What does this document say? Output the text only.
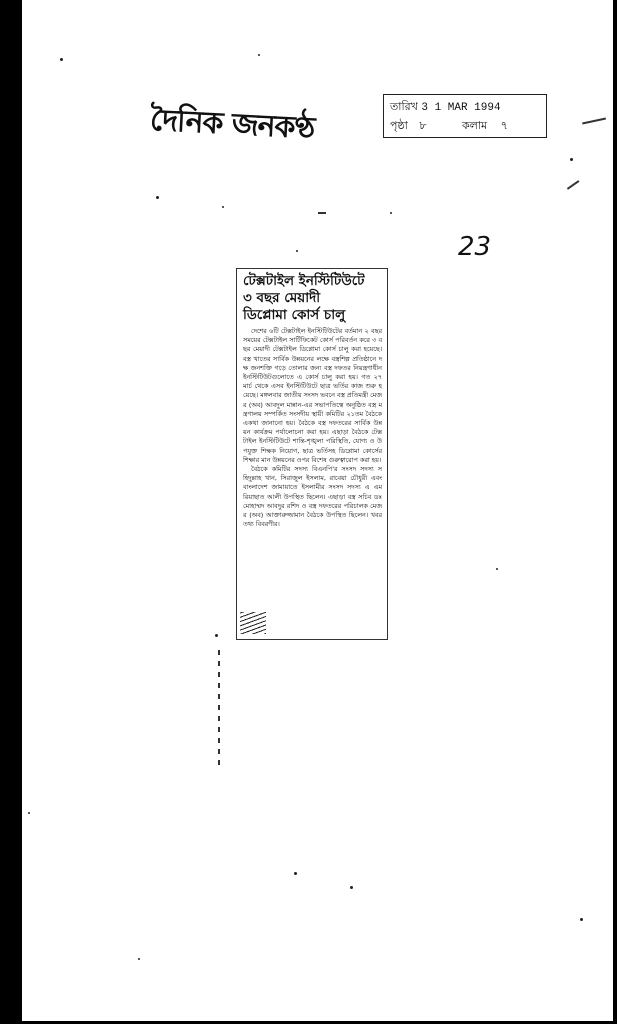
দৈনিক জনকণ্ঠ	তারিখ 3 1 MAR 1994
পৃষ্ঠা ৮	কলাম ৭
23
টেক্সটাইল ইনস্টিটিউটে
৩ বছর মেয়াদী
ডিপ্লোমা কোর্স চালু

দেশের ৬টি টেক্সটাইল ইনস্টিটিউটের বর্তমান ২ বছর সময়ের টেক্সটাইল সার্টিফিকেট কোর্স পরিবর্তন করে ৩ বছর মেয়াদী টেক্সটাইল ডিপ্লোমা কোর্স চালু করা হয়েছে। বস্ত্র খাতের সার্বিক উন্নয়নের লক্ষে বস্ত্রশিল্প প্রতিষ্ঠানে দক্ষ জনশক্তি গড়ে তোলার জন্য বস্ত্র দফতর নিয়ন্ত্রণাধীন ইনস্টিটিউটগুলোতে এ কোর্স চালু করা হয়। গত ২৭ মার্চ থেকে এসব ইনস্টিটিউটে ছাত্র ভর্তির কাজ শুরু হয়েছে। মঙ্গলবার জাতীয় সংসদ ভবনে বস্ত্র প্রতিমন্ত্রী মেজর (অব) আবদুল মান্নান-এর সভাপতিত্বে অনুষ্ঠিত বস্ত্র মন্ত্রণালয় সম্পর্কিত সংসদীয় স্থায়ী কমিটির ২১তম বৈঠকে একথা জানানো হয়। বৈঠকে বস্ত্র দফতরের সার্বিক উন্নয়ন কার্যক্রম পর্যালোচনা করা হয়। এছাড়া বৈঠকে টেক্সটাইল ইনস্টিটিউটে শান্তি-শৃঙ্খলা পরিস্থিতি, যোগ্য ও উপযুক্ত শিক্ষক নিয়োগ, ছাত্র ভর্তিসহ ডিপ্লোমা কোর্সের শিক্ষার মান উন্নয়নের ওপর বিশেষ গুরুত্বারোপ করা হয়।

বৈঠকে কমিটির সদস্য বিএনপি'র সংসদ সদস্য সহিদুল্লাহ খান, সিরাজুল ইসলাম, রাবেয়া চৌধুরী এবং বাংলাদেশ জামায়াতে ইসলামীর সংসদ সদস্য এ এম রিয়াছাত আলী উপস্থিত ছিলেন। এছাড়া বস্ত্র সচিব ডঃ মোহাম্মদ আবদুর রশিদ ও বস্ত্র দফতরের পরিচালক মেজর (অব) আক্তারুজ্জামান বৈঠকে উপস্থিত ছিলেন। খবর তথ্য বিবরণীর।
